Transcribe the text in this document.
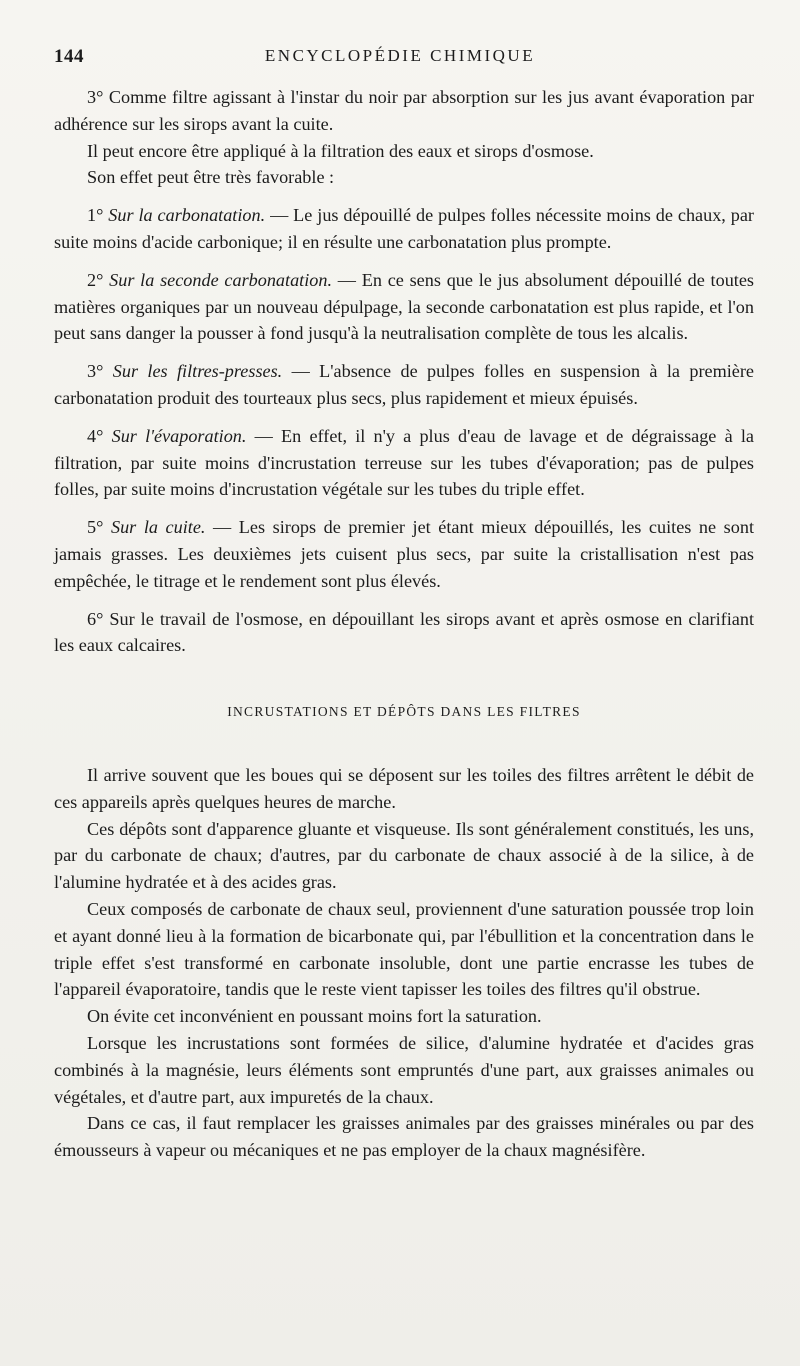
144	ENCYCLOPÉDIE CHIMIQUE

3° Comme filtre agissant à l'instar du noir par absorption sur les jus avant évaporation par adhérence sur les sirops avant la cuite.

Il peut encore être appliqué à la filtration des eaux et sirops d'osmose.

Son effet peut être très favorable :

1° Sur la carbonatation. — Le jus dépouillé de pulpes folles nécessite moins de chaux, par suite moins d'acide carbonique; il en résulte une carbonatation plus prompte.

2° Sur la seconde carbonatation. — En ce sens que le jus absolument dépouillé de toutes matières organiques par un nouveau dépulpage, la seconde carbonatation est plus rapide, et l'on peut sans danger la pousser à fond jusqu'à la neutralisation complète de tous les alcalis.

3° Sur les filtres-presses. — L'absence de pulpes folles en suspension à la première carbonatation produit des tourteaux plus secs, plus rapidement et mieux épuisés.

4° Sur l'évaporation. — En effet, il n'y a plus d'eau de lavage et de dégraissage à la filtration, par suite moins d'incrustation terreuse sur les tubes d'évaporation; pas de pulpes folles, par suite moins d'incrustation végétale sur les tubes du triple effet.

5° Sur la cuite. — Les sirops de premier jet étant mieux dépouillés, les cuites ne sont jamais grasses. Les deuxièmes jets cuisent plus secs, par suite la cristallisation n'est pas empêchée, le titrage et le rendement sont plus élevés.

6° Sur le travail de l'osmose, en dépouillant les sirops avant et après osmose en clarifiant les eaux calcaires.

INCRUSTATIONS ET DÉPÔTS DANS LES FILTRES

Il arrive souvent que les boues qui se déposent sur les toiles des filtres arrêtent le débit de ces appareils après quelques heures de marche.

Ces dépôts sont d'apparence gluante et visqueuse. Ils sont généralement constitués, les uns, par du carbonate de chaux; d'autres, par du carbonate de chaux associé à de la silice, à de l'alumine hydratée et à des acides gras.

Ceux composés de carbonate de chaux seul, proviennent d'une saturation poussée trop loin et ayant donné lieu à la formation de bicarbonate qui, par l'ébullition et la concentration dans le triple effet s'est transformé en carbonate insoluble, dont une partie encrasse les tubes de l'appareil évaporatoire, tandis que le reste vient tapisser les toiles des filtres qu'il obstrue.

On évite cet inconvénient en poussant moins fort la saturation.

Lorsque les incrustations sont formées de silice, d'alumine hydratée et d'acides gras combinés à la magnésie, leurs éléments sont empruntés d'une part, aux graisses animales ou végétales, et d'autre part, aux impuretés de la chaux.

Dans ce cas, il faut remplacer les graisses animales par des graisses minérales ou par des émousseurs à vapeur ou mécaniques et ne pas employer de la chaux magnésifère.
